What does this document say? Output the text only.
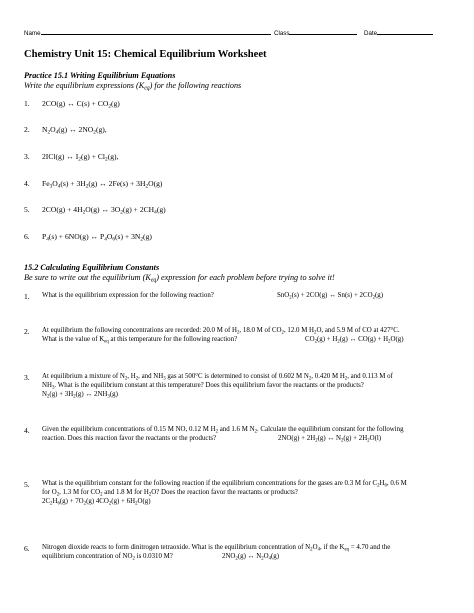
Name	Class	Date
Chemistry Unit 15: Chemical Equilibrium Worksheet
Practice 15.1 Writing Equilibrium Equations
Write the equilibrium expressions $(K_{eq})$ for the following reactions
1. 2CO(g) ↔ $C(s) + CO_2(g)$
2. $N_2O_4(g)$ ↔ $2NO_2(g)$,
3. 2ICl(g) ↔ $I_2(g) + Cl_2(g)$,
4. $Fe_3O_4(s) + 3H_2(g)$ ↔ $2Fe(s) + 3H_2O(g)$
5. $2CO(g) + 4H_2O(g)$ ↔ $3O_2(g) + 2CH_4(g)$
6. $P_4(s) + 6NO(g)$ ↔ $P_4O_6(s) + 3N_2(g)$
15.2 Calculating Equilibrium Constants
Be sure to write out the equilibrium $(K_{eq})$ expression for each problem before trying to solve it!
1. What is the equilibrium expression for the following reaction?	SnO$_2$(s) + 2CO(g) ↔ $Sn(s) + 2CO_2(g)$
2. At equilibrium the following concentrations are recorded: 20.0 M of $H_2$, 18.0 M of $CO_2$, 12.0 M $H_2O$, and 5.9 M of CO at 427°C.
What is the value of $K_{eq}$ at this temperature for the following reaction?	$CO_2(g) + H_2(g)$ ↔ $CO(g) + H_2O(g)$
3. At equilibrium a mixture of $N_2$, $H_2$, and $NH_3$ gas at 500°C is determined to consist of 0.602 M $N_2$, 0.420 M $H_2$, and 0.113 M of
$NH_3$. What is the equilibrium constant at this temperature? Does this equilibrium favor the reactants or the products?
$N_2(g) + 3H_2(g)$ ↔ $2NH_3(g)$
4. Given the equilibrium concentrations of 0.15 M NO, 0.12 M $H_2$ and 1.6 M $N_2$. Calculate the equilibrium constant for the following
reaction. Does this reaction favor the reactants or the products?	$2NO(g) + 2H_2(g)$ ↔ $N_2(g) + 2H_2O(l)$
5. What is the equilibrium constant for the following reaction if the equilibrium concentrations for the gases are 0.3 M for $C_2H_6$, 0.6 M
for $O_2$, 1.3 M for $CO_2$ and 1.8 M for $H_2O$? Does the reaction favor the reactants or products?
$2C_2H_6(g) + 7O_2(g) 4CO_2(g) + 6H_2O(g)$
6. Nitrogen dioxide reacts to form dinitrogen tetraoxide. What is the equilibrium concentration of $N_2O_4$, if the $K_{eq} = 4.70$ and the
equilibrium concentration of $NO_2$ is 0.0310 M?	$2NO_2(g)$ ↔ $N_2O_4(g)$
